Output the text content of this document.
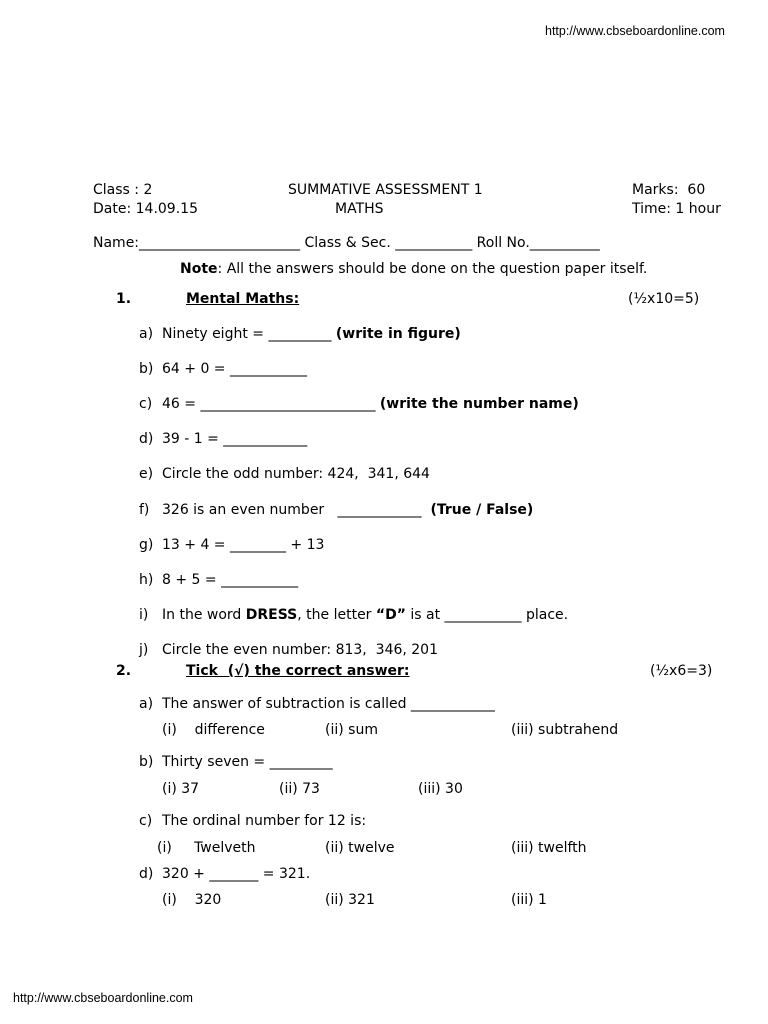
http://www.cbseboardonline.com
http://www.cbseboardonline.com
Class : 2
Date: 14.09.15
SUMMATIVE ASSESSMENT 1
MATHS
Marks:  60
Time: 1 hour
Name:_______________________ Class & Sec. ___________ Roll No.__________
Note: All the answers should be done on the question paper itself.
1.	Mental Maths:	(½x10=5)
a) Ninety eight = _________ (write in figure)
b) 64 + 0 = ___________
c) 46 = _________________________ (write the number name)
d) 39 - 1 = ____________
e) Circle the odd number: 424,  341, 644
f) 326 is an even number   ____________  (True / False)
g) 13 + 4 = ________ + 13
h) 8 + 5 = ___________
i) In the word DRESS, the letter “D” is at ___________ place.
j) Circle the even number: 813,  346, 201
2.	Tick  (√) the correct answer:	(½x6=3)
a) The answer of subtraction is called ____________
(i)    difference	(ii) sum	(iii) subtrahend
b) Thirty seven = _________
(i) 37	(ii) 73	(iii) 30
c) The ordinal number for 12 is:
(i)     Twelveth	(ii) twelve	(iii) twelfth
d) 320 + _______ = 321.
(i)    320	(ii) 321	(iii) 1
